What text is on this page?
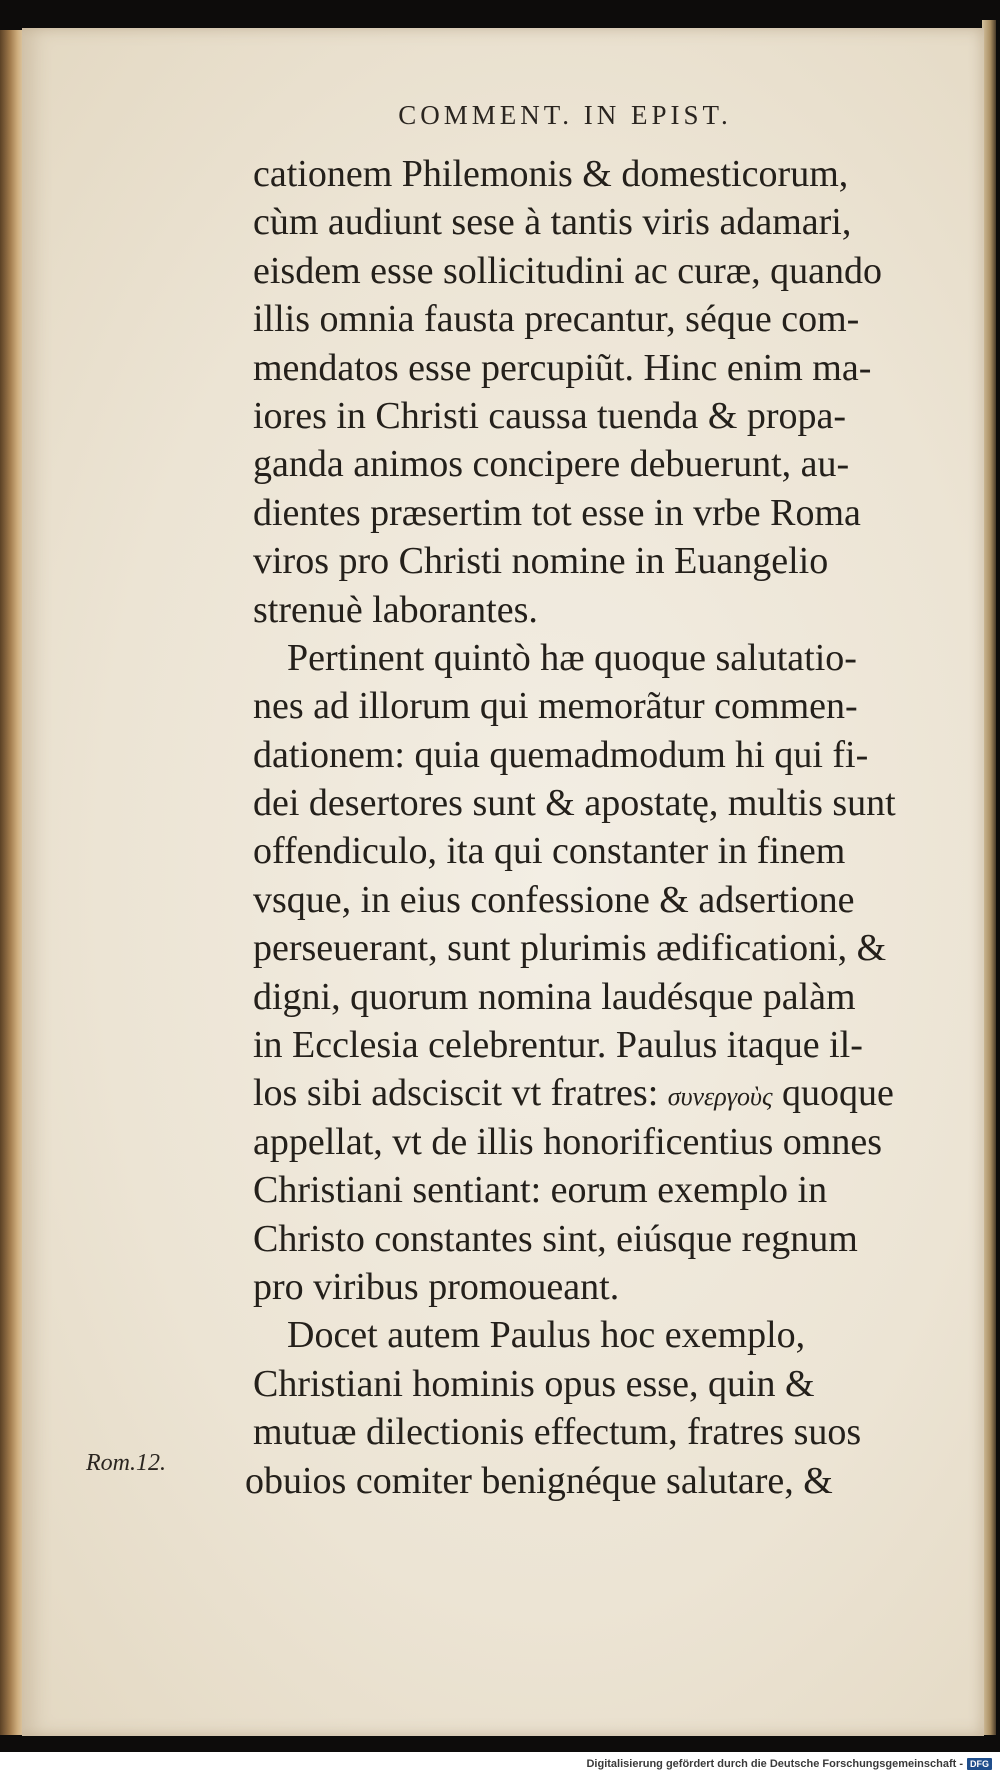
COMMENT. IN EPIST.
cationem Philemonis & domesticorum,
cùm audiunt sese à tantis viris adamari,
eisdem esse sollicitudini ac curæ, quando
illis omnia fausta precantur, séque com-
mendatos esse percupiũt. Hinc enim ma-
iores in Christi caussa tuenda & propa-
ganda animos concipere debuerunt, au-
dientes præsertim tot esse in vrbe Roma
viros pro Christi nomine in Euangelio
strenuè laborantes.
Pertinent quintò hæ quoque salutatio-
nes ad illorum qui memorãtur commen-
dationem: quia quemadmodum hi qui fi-
dei desertores sunt & apostatę, multis sunt
offendiculo, ita qui constanter in finem
vsque, in eius confessione & adsertione
perseuerant, sunt plurimis ædificationi, &
digni, quorum nomina laudésque palàm
in Ecclesia celebrentur. Paulus itaque il-
los sibi adsciscit vt fratres: συνεργοὺς quoque
appellat, vt de illis honorificentius omnes
Christiani sentiant: eorum exemplo in
Christo constantes sint, eiúsque regnum
pro viribus promoueant.
Docet autem Paulus hoc exemplo,
Christiani hominis opus esse, quin &
mutuæ dilectionis effectum, fratres suos
obuios comiter benignéque salutare, &
Rom.12.
Digitalisierung gefördert durch die Deutsche Forschungsgemeinschaft - DFG
